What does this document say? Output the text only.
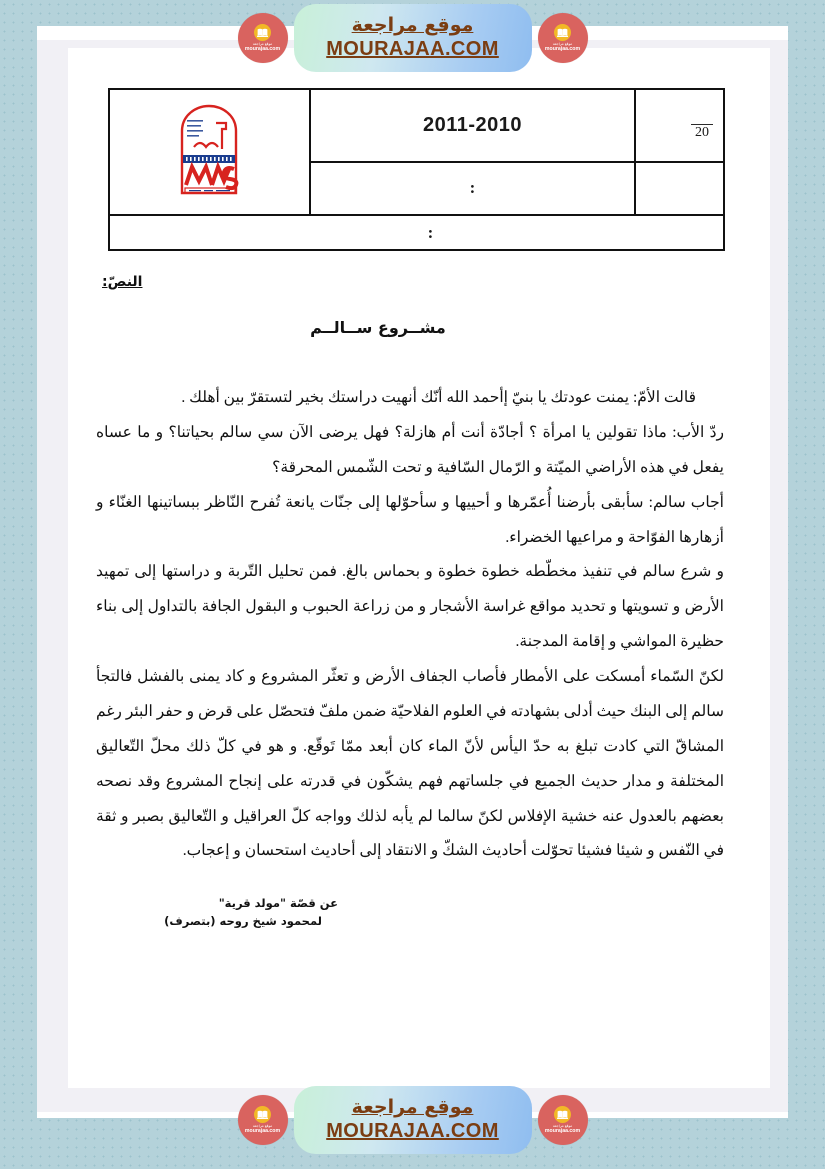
موقع مراجعة
MOURAJAA.COM
موقع مراجعة
mourajaa.com
موقع مراجعة
mourajaa.com
20	2011-2010	

	:	

:		
النصّ:
مشــروع ســالــم

قالت الأمّ: يمنت عودتك يا بنيّ إأحمد الله أنّك أنهيت دراستك بخير لتستقرّ بين أهلك .

ردّ الأب: ماذا تقولين يا امرأة ؟ أجادّة أنت أم هازلة؟ فهل يرضى الآن سي سالم بحياتنا؟ و ما عساه يفعل في هذه الأراضي الميّتة و الرّمال السّافية و تحت الشّمس المحرقة؟

أجاب سالم: سأبقى بأرضنا أُعمّرها و أحييها و سأحوّلها إلى جنّات يانعة تُفرح النّاظر ببساتينها الغنّاء و أزهارها الفوّاحة و مراعيها الخضراء.

و شرع سالم في تنفيذ مخطّطه خطوة خطوة و بحماس بالغ. فمن تحليل التّربة و دراستها إلى تمهيد الأرض و تسويتها و تحديد مواقع غراسة الأشجار و من زراعة الحبوب و البقول الجافة بالتداول إلى بناء حظيرة المواشي و إقامة المدجنة.

لكنّ السّماء أمسكت على الأمطار فأصاب الجفاف الأرض و تعثّر المشروع و كاد يمنى بالفشل فالتجأ سالم إلى البنك حيث أدلى بشهادته في العلوم الفلاحيّة ضمن ملفّ فتحصّل على قرض و حفر البئر رغم المشاقّ التي كادت تبلغ به حدّ اليأس لأنّ الماء كان أبعد ممّا تَوقّع. و هو في كلّ ذلك محلّ التّعاليق المختلفة و مدار حديث الجميع في جلساتهم فهم يشكّون في قدرته على إنجاح المشروع وقد نصحه بعضهم بالعدول عنه خشية الإفلاس لكنّ سالما لم يأبه لذلك وواجه كلّ العراقيل و التّعاليق بصبر و ثقة في النّفس و شيئا فشيئا تحوّلت أحاديث الشكّ و الانتقاد إلى أحاديث استحسان و إعجاب.

عن قصّة "مولد قرية"
لمحمود شيخ روحه (بتصرف)
موقع مراجعة
MOURAJAA.COM
موقع مراجعة
mourajaa.com
موقع مراجعة
mourajaa.com
